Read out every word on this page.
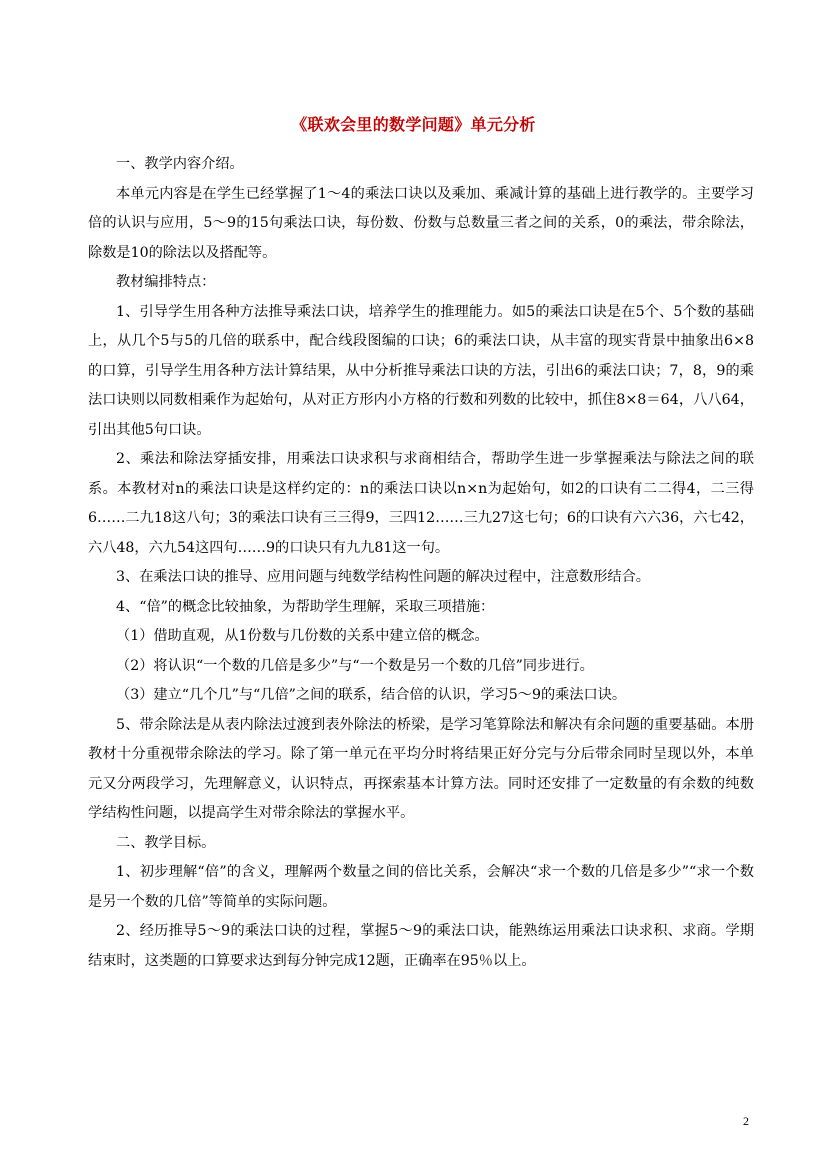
《联欢会里的数学问题》单元分析

一、教学内容介绍。

本单元内容是在学生已经掌握了1～4的乘法口诀以及乘加、乘减计算的基础上进行教学的。主要学习倍的认识与应用，5～9的15句乘法口诀，每份数、份数与总数量三者之间的关系，0的乘法，带余除法，除数是10的除法以及搭配等。

教材编排特点：

1、引导学生用各种方法推导乘法口诀，培养学生的推理能力。如5的乘法口诀是在5个、5个数的基础上，从几个5与5的几倍的联系中，配合线段图编的口诀；6的乘法口诀，从丰富的现实背景中抽象出6×8的口算，引导学生用各种方法计算结果，从中分析推导乘法口诀的方法，引出6的乘法口诀；7，8，9的乘法口诀则以同数相乘作为起始句，从对正方形内小方格的行数和列数的比较中，抓住8×8＝64，八八64，引出其他5句口诀。

2、乘法和除法穿插安排，用乘法口诀求积与求商相结合，帮助学生进一步掌握乘法与除法之间的联系。本教材对n的乘法口诀是这样约定的：n的乘法口诀以n×n为起始句，如2的口诀有二二得4，二三得6……二九18这八句；3的乘法口诀有三三得9，三四12……三九27这七句；6的口诀有六六36，六七42，六八48，六九54这四句……9的口诀只有九九81这一句。

3、在乘法口诀的推导、应用问题与纯数学结构性问题的解决过程中，注意数形结合。

4、“倍”的概念比较抽象，为帮助学生理解，采取三项措施：

（1）借助直观，从1份数与几份数的关系中建立倍的概念。

（2）将认识“一个数的几倍是多少”与“一个数是另一个数的几倍”同步进行。

（3）建立“几个几”与“几倍”之间的联系，结合倍的认识，学习5～9的乘法口诀。

5、带余除法是从表内除法过渡到表外除法的桥梁，是学习笔算除法和解决有余问题的重要基础。本册教材十分重视带余除法的学习。除了第一单元在平均分时将结果正好分完与分后带余同时呈现以外，本单元又分两段学习，先理解意义，认识特点，再探索基本计算方法。同时还安排了一定数量的有余数的纯数学结构性问题，以提高学生对带余除法的掌握水平。

二、教学目标。

1、初步理解“倍”的含义，理解两个数量之间的倍比关系，会解决“求一个数的几倍是多少”“求一个数是另一个数的几倍”等简单的实际问题。

2、经历推导5～9的乘法口诀的过程，掌握5～9的乘法口诀，能熟练运用乘法口诀求积、求商。学期结束时，这类题的口算要求达到每分钟完成12题，正确率在95％以上。

2
